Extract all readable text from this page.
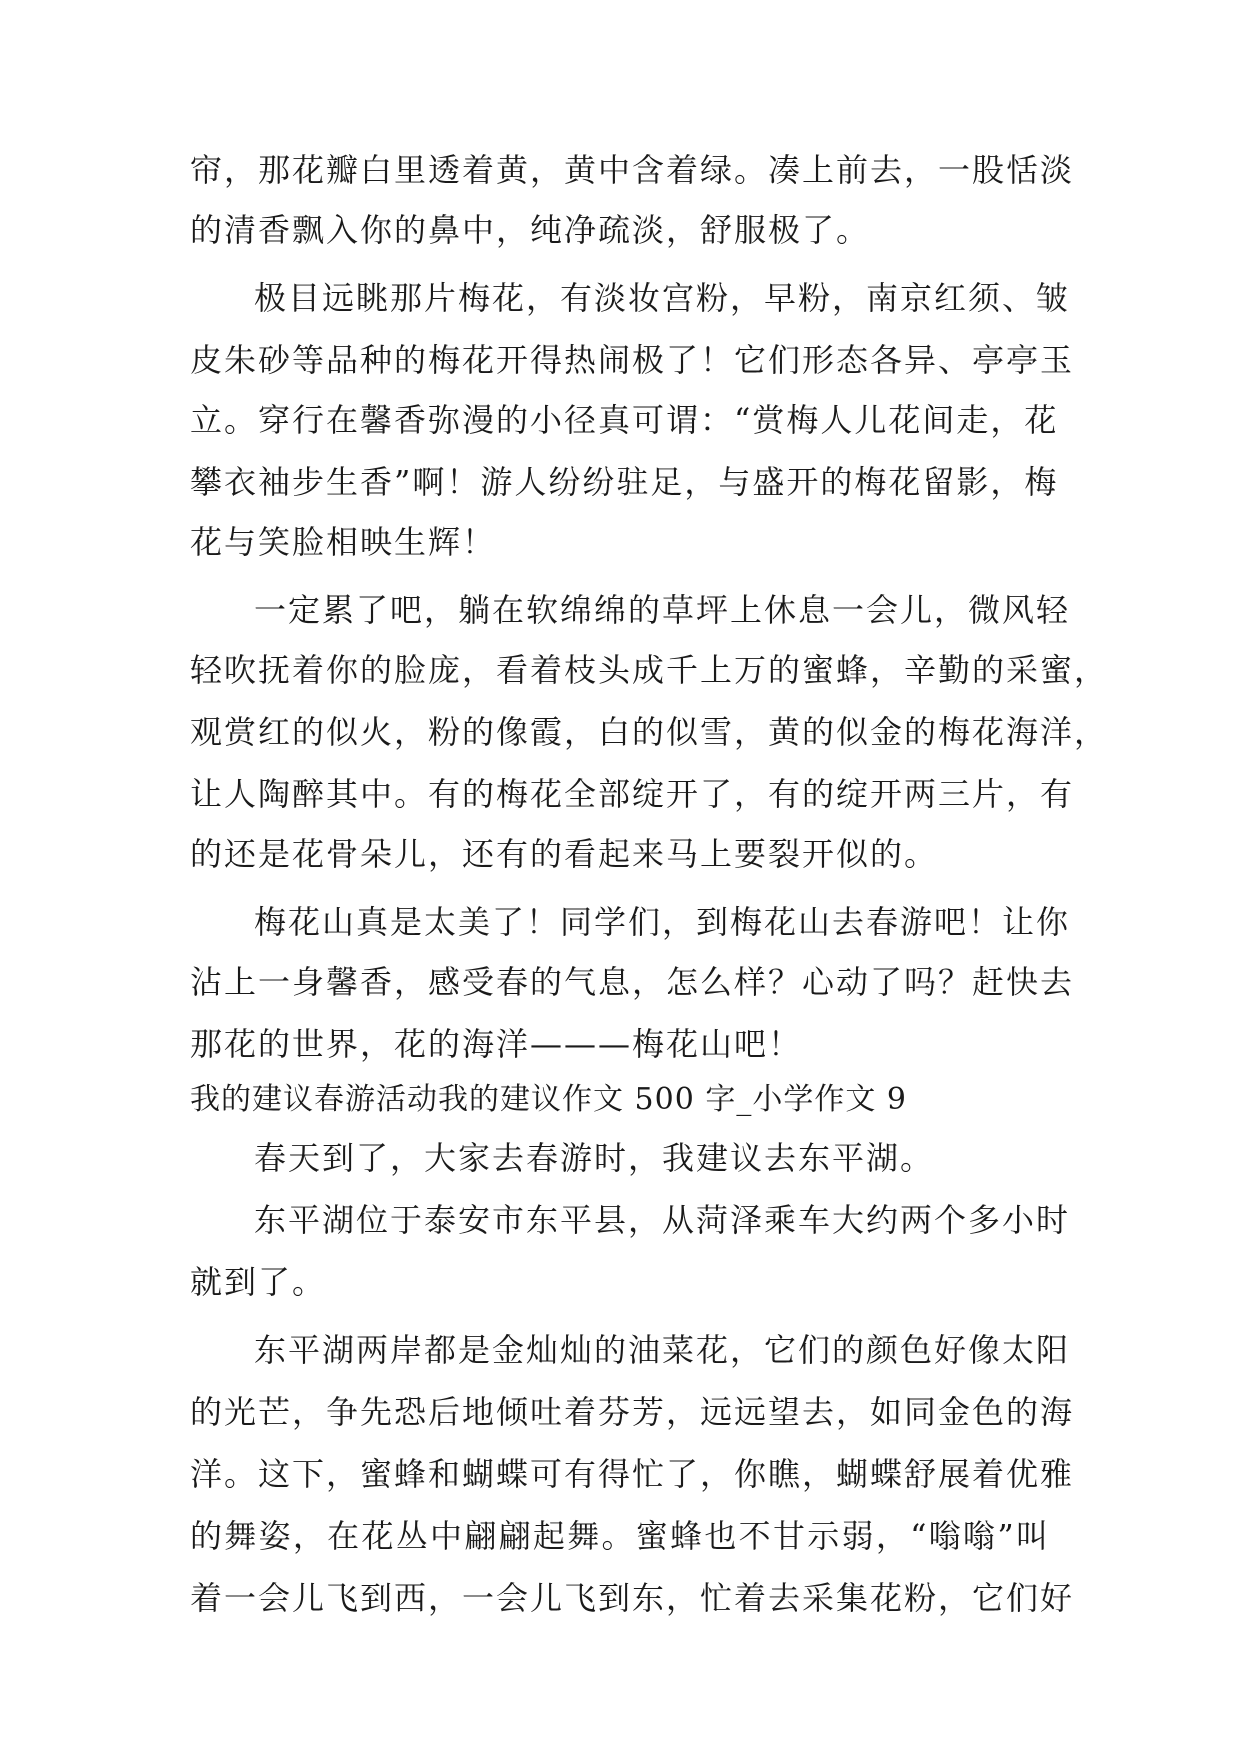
帘，那花瓣白里透着黄，黄中含着绿。凑上前去，一股恬淡
的清香飘入你的鼻中，纯净疏淡，舒服极了。
极目远眺那片梅花，有淡妆宫粉，早粉，南京红须、皱
皮朱砂等品种的梅花开得热闹极了！它们形态各异、亭亭玉
立。穿行在馨香弥漫的小径真可谓：“赏梅人儿花间走，花
攀衣袖步生香”啊！游人纷纷驻足，与盛开的梅花留影，梅
花与笑脸相映生辉！
一定累了吧，躺在软绵绵的草坪上休息一会儿，微风轻
轻吹抚着你的脸庞，看着枝头成千上万的蜜蜂，辛勤的采蜜，
观赏红的似火，粉的像霞，白的似雪，黄的似金的梅花海洋，
让人陶醉其中。有的梅花全部绽开了，有的绽开两三片，有
的还是花骨朵儿，还有的看起来马上要裂开似的。
梅花山真是太美了！同学们，到梅花山去春游吧！让你
沾上一身馨香，感受春的气息，怎么样？心动了吗？赶快去
那花的世界，花的海洋———梅花山吧！
我的建议春游活动我的建议作文 500 字_小学作文 9
春天到了，大家去春游时，我建议去东平湖。
东平湖位于泰安市东平县，从菏泽乘车大约两个多小时
就到了。
东平湖两岸都是金灿灿的油菜花，它们的颜色好像太阳
的光芒，争先恐后地倾吐着芬芳，远远望去，如同金色的海
洋。这下，蜜蜂和蝴蝶可有得忙了，你瞧，蝴蝶舒展着优雅
的舞姿，在花丛中翩翩起舞。蜜蜂也不甘示弱，“嗡嗡”叫
着一会儿飞到西，一会儿飞到东，忙着去采集花粉，它们好
